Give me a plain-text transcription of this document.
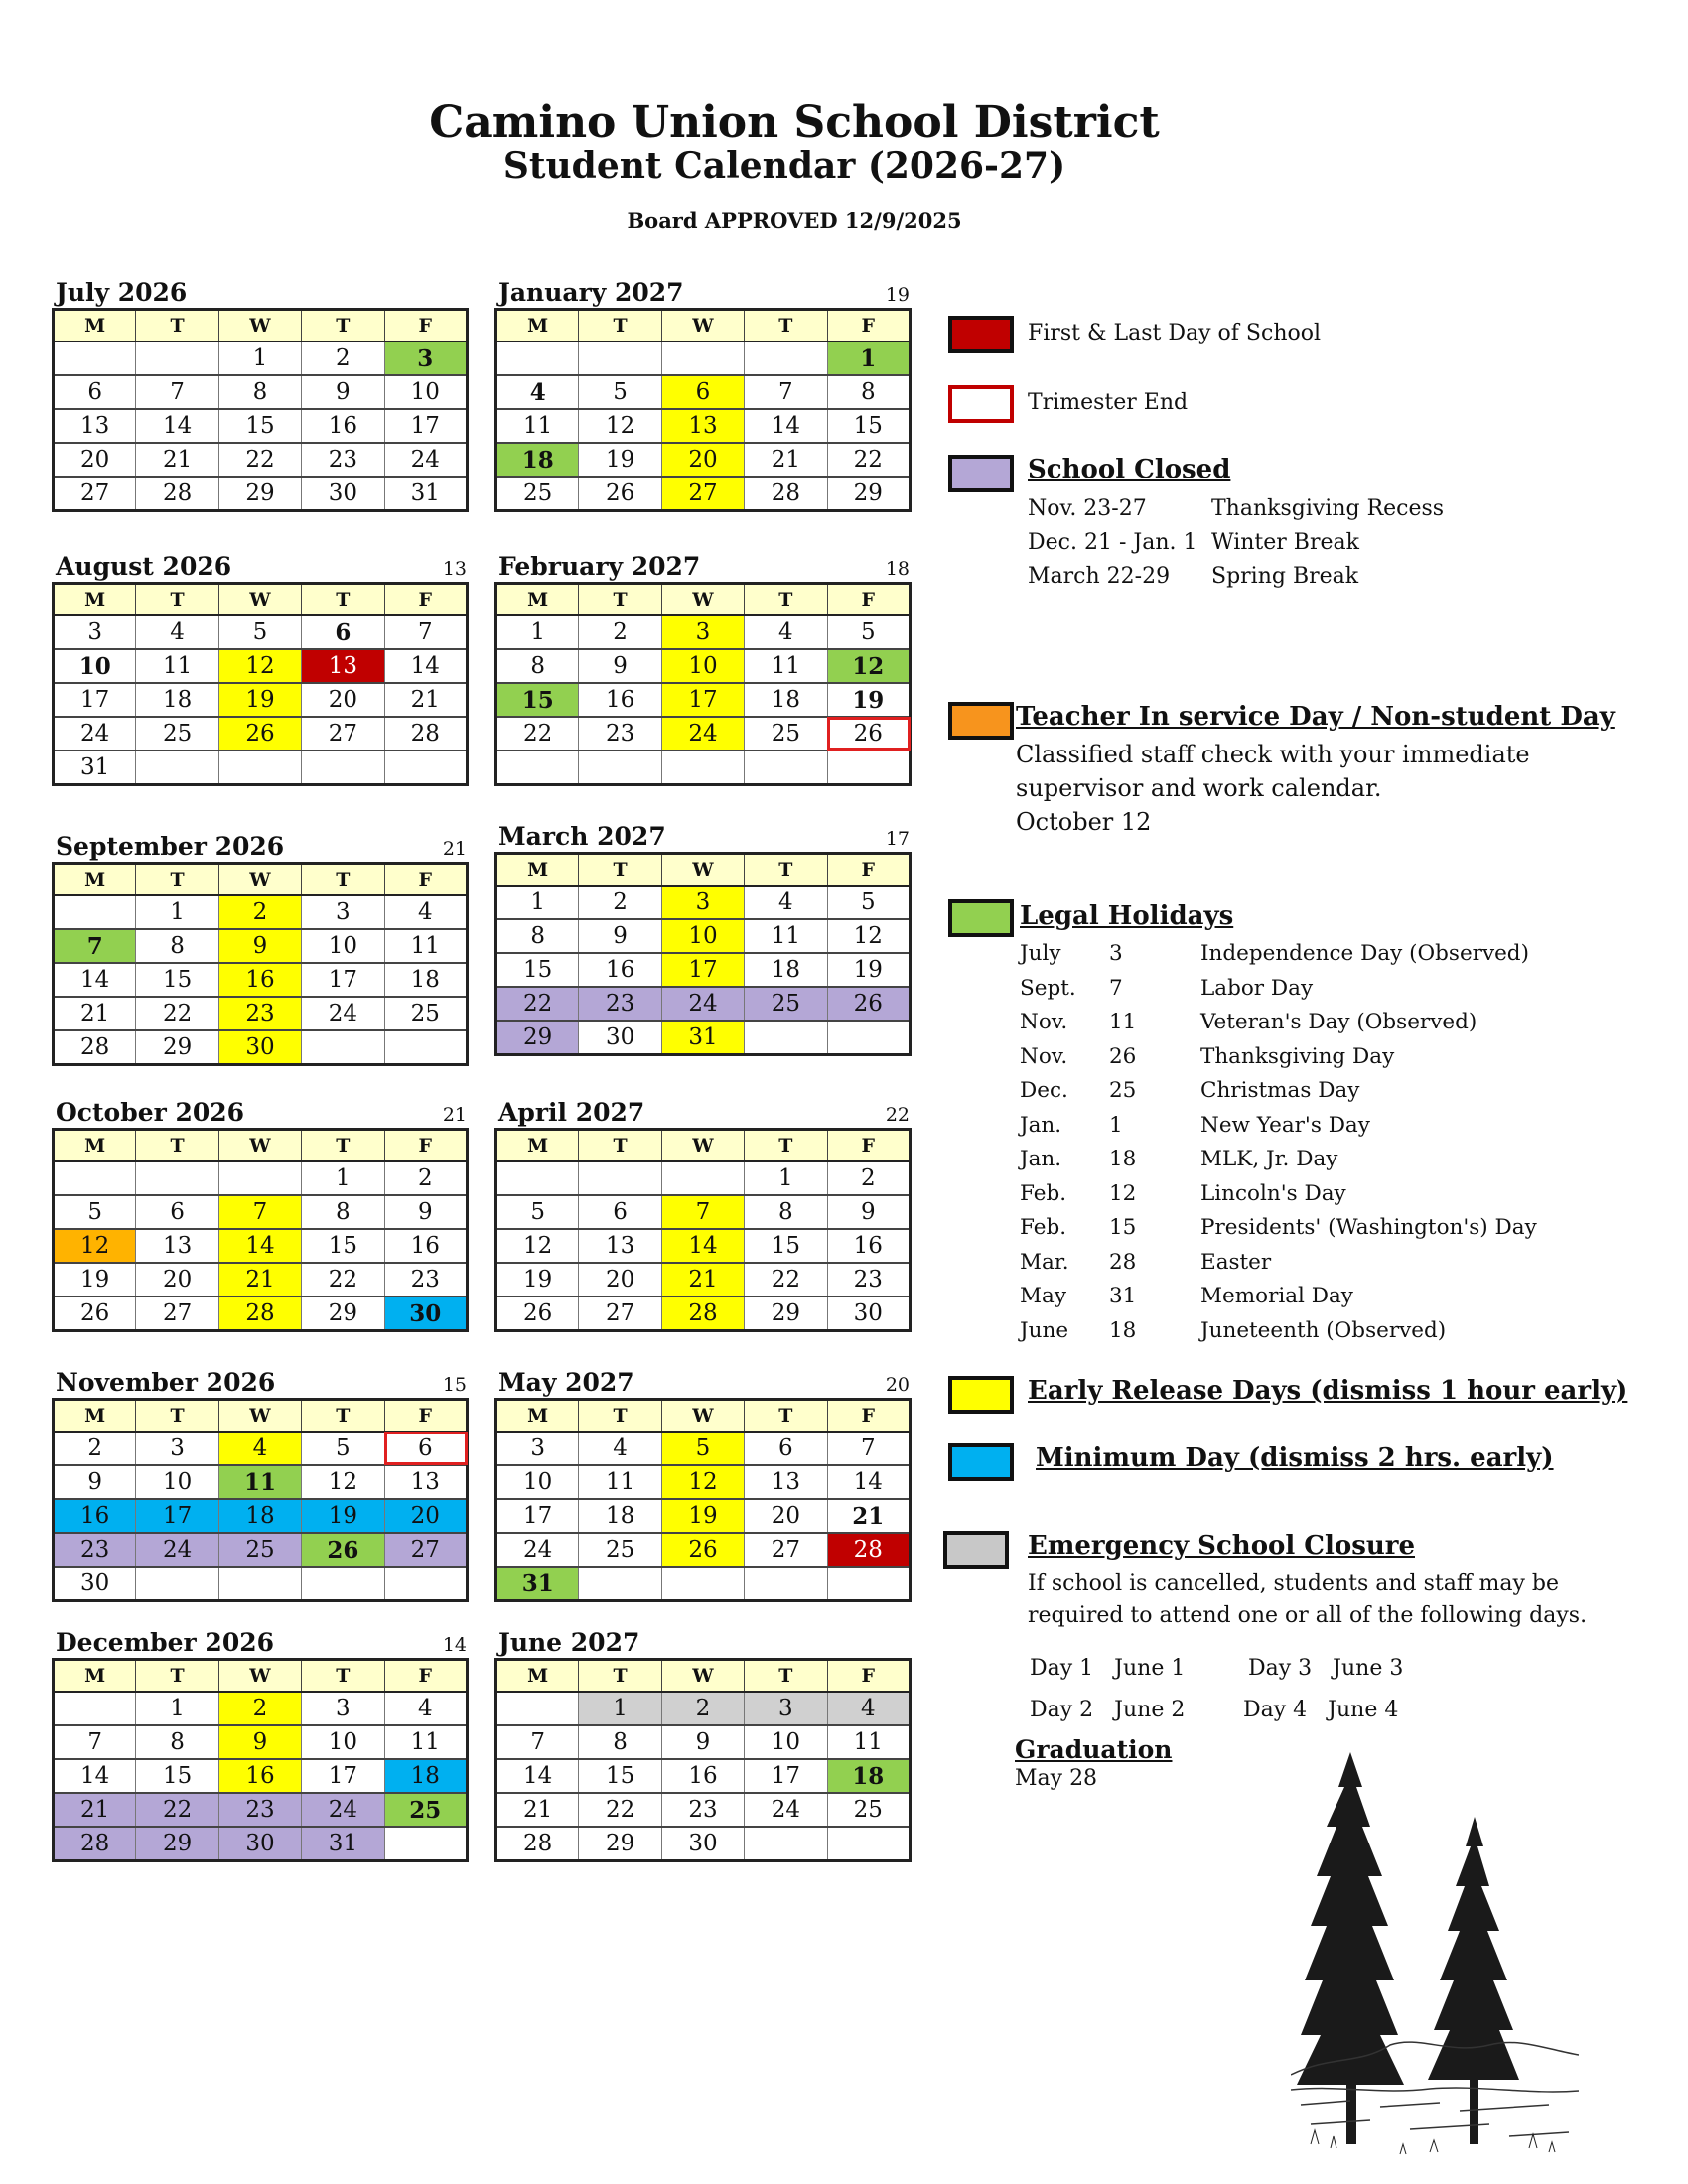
Camino Union School District
Student Calendar (2026-27)
Board APPROVED 12/9/2025
July 2026
M	T	W	T	F
		1	2	3
6	7	8	9	10
13	14	15	16	17
20	21	22	23	24
27	28	29	30	31
August 2026	13
M	T	W	T	F
3	4	5	6	7
10	11	12	13	14
17	18	19	20	21
24	25	26	27	28
31				
September 2026	21
M	T	W	T	F
	1	2	3	4
7	8	9	10	11
14	15	16	17	18
21	22	23	24	25
28	29	30		
October 2026	21
M	T	W	T	F
			1	2
5	6	7	8	9
12	13	14	15	16
19	20	21	22	23
26	27	28	29	30
November 2026	15
M	T	W	T	F
2	3	4	5	6
9	10	11	12	13
16	17	18	19	20
23	24	25	26	27
30				
December 2026	14
M	T	W	T	F
	1	2	3	4
7	8	9	10	11
14	15	16	17	18
21	22	23	24	25
28	29	30	31	
January 2027	19
M	T	W	T	F
				1
4	5	6	7	8
11	12	13	14	15
18	19	20	21	22
25	26	27	28	29
February 2027	18
M	T	W	T	F
1	2	3	4	5
8	9	10	11	12
15	16	17	18	19
22	23	24	25	26

March 2027	17
M	T	W	T	F
1	2	3	4	5
8	9	10	11	12
15	16	17	18	19
22	23	24	25	26
29	30	31		
April 2027	22
M	T	W	T	F
			1	2
5	6	7	8	9
12	13	14	15	16
19	20	21	22	23
26	27	28	29	30
May 2027	20
M	T	W	T	F
3	4	5	6	7
10	11	12	13	14
17	18	19	20	21
24	25	26	27	28
31				
June 2027
M	T	W	T	F
	1	2	3	4
7	8	9	10	11
14	15	16	17	18
21	22	23	24	25
28	29	30		
First & Last Day of School
Trimester End
School Closed
Nov. 23-27	Thanksgiving Recess
Dec. 21 - Jan. 1 Winter Break
March 22-29	Spring Break
Teacher In service Day / Non-student Day
Classified staff check with your immediate
supervisor and work calendar.
October 12
Legal Holidays
July	3	Independence Day (Observed)
Sept.	7	Labor Day
Nov.	11	Veteran's Day (Observed)
Nov.	26	Thanksgiving Day
Dec.	25	Christmas Day
Jan.	1	New Year's Day
Jan.	18	MLK, Jr. Day
Feb.	12	Lincoln's Day
Feb.	15	Presidents' (Washington's) Day
Mar.	28	Easter
May	31	Memorial Day
June	18	Juneteenth (Observed)
Early Release Days (dismiss 1 hour early)
Minimum Day (dismiss 2 hrs. early)
Emergency School Closure
If school is cancelled, students and staff may be
required to attend one or all of the following days.
Day 1 June 1	Day 3 June 3
Day 2 June 2	Day 4 June 4
Graduation
May 28
